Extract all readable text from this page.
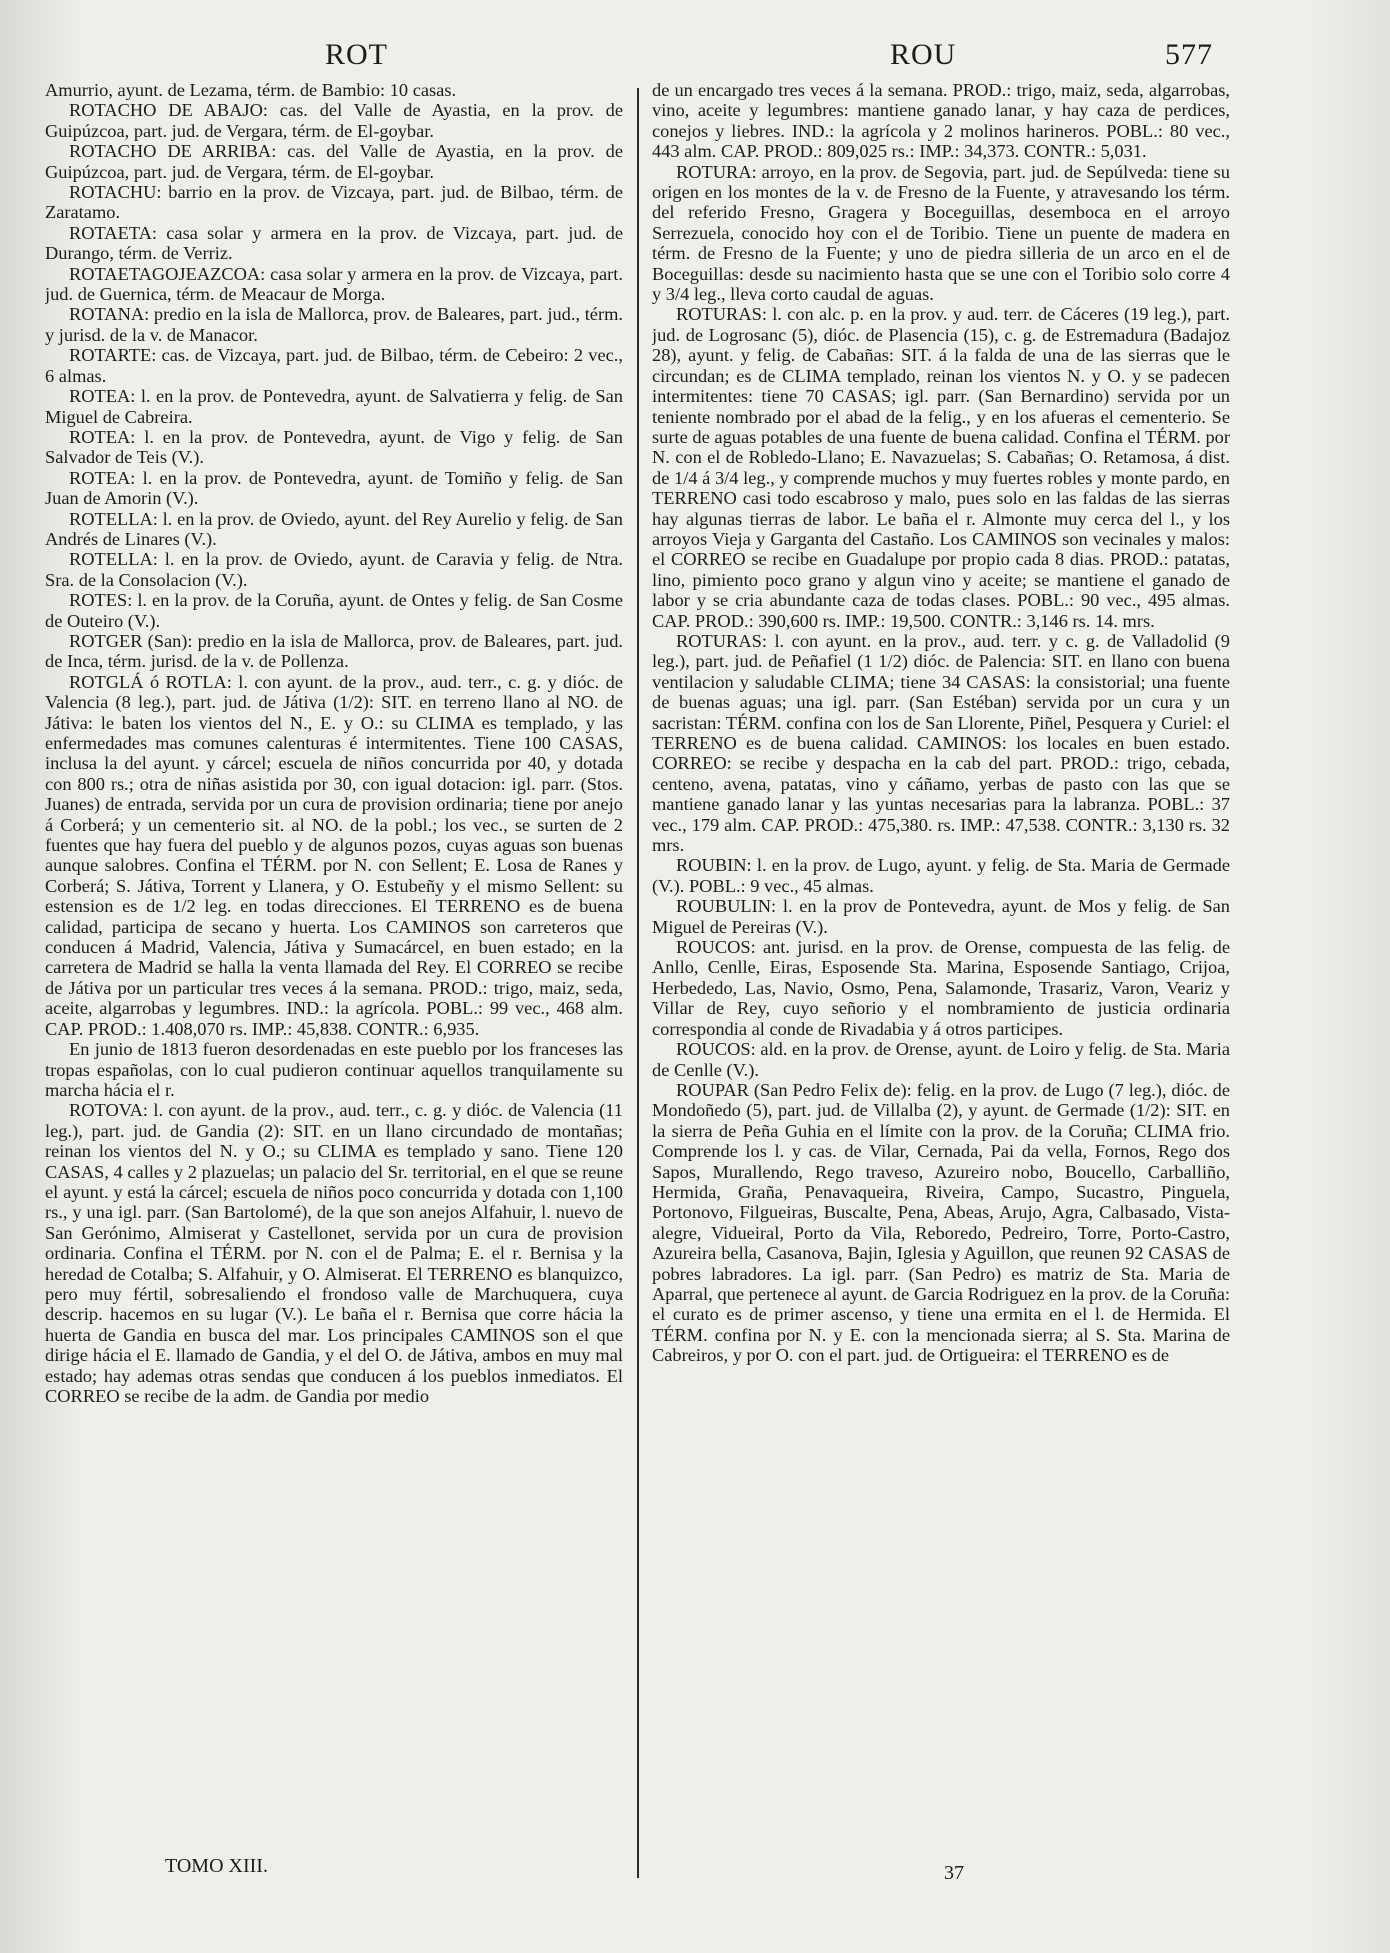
ROT	ROU	577

Amurrio, ayunt. de Lezama, térm. de Bambio: 10 casas.

ROTACHO DE ABAJO: cas. del Valle de Ayastia, en la prov. de Guipúzcoa, part. jud. de Vergara, térm. de El-goybar.

ROTACHO DE ARRIBA: cas. del Valle de Ayastia, en la prov. de Guipúzcoa, part. jud. de Vergara, térm. de El-goybar.

ROTACHU: barrio en la prov. de Vizcaya, part. jud. de Bilbao, térm. de Zaratamo.

ROTAETA: casa solar y armera en la prov. de Vizcaya, part. jud. de Durango, térm. de Verriz.

ROTAETAGOJEAZCOA: casa solar y armera en la prov. de Vizcaya, part. jud. de Guernica, térm. de Meacaur de Morga.

ROTANA: predio en la isla de Mallorca, prov. de Baleares, part. jud., térm. y jurisd. de la v. de Manacor.

ROTARTE: cas. de Vizcaya, part. jud. de Bilbao, térm. de Cebeiro: 2 vec., 6 almas.

ROTEA: l. en la prov. de Pontevedra, ayunt. de Salvatierra y felig. de San Miguel de Cabreira.

ROTEA: l. en la prov. de Pontevedra, ayunt. de Vigo y felig. de San Salvador de Teis (V.).

ROTEA: l. en la prov. de Pontevedra, ayunt. de Tomiño y felig. de San Juan de Amorin (V.).

ROTELLA: l. en la prov. de Oviedo, ayunt. del Rey Aurelio y felig. de San Andrés de Linares (V.).

ROTELLA: l. en la prov. de Oviedo, ayunt. de Caravia y felig. de Ntra. Sra. de la Consolacion (V.).

ROTES: l. en la prov. de la Coruña, ayunt. de Ontes y felig. de San Cosme de Outeiro (V.).

ROTGER (San): predio en la isla de Mallorca, prov. de Baleares, part. jud. de Inca, térm. jurisd. de la v. de Pollenza.

ROTGLÁ ó ROTLA: l. con ayunt. de la prov., aud. terr., c. g. y dióc. de Valencia (8 leg.), part. jud. de Játiva (1/2): SIT. en terreno llano al NO. de Játiva: le baten los vientos del N., E. y O.: su CLIMA es templado, y las enfermedades mas comunes calenturas é intermitentes. Tiene 100 CASAS, inclusa la del ayunt. y cárcel; escuela de niños concurrida por 40, y dotada con 800 rs.; otra de niñas asistida por 30, con igual dotacion: igl. parr. (Stos. Juanes) de entrada, servida por un cura de provision ordinaria; tiene por anejo á Corberá; y un cementerio sit. al NO. de la pobl.; los vec., se surten de 2 fuentes que hay fuera del pueblo y de algunos pozos, cuyas aguas son buenas aunque salobres. Confina el TÉRM. por N. con Sellent; E. Losa de Ranes y Corberá; S. Játiva, Torrent y Llanera, y O. Estubeñy y el mismo Sellent: su estension es de 1/2 leg. en todas direcciones. El TERRENO es de buena calidad, participa de secano y huerta. Los CAMINOS son carreteros que conducen á Madrid, Valencia, Játiva y Sumacárcel, en buen estado; en la carretera de Madrid se halla la venta llamada del Rey. El CORREO se recibe de Játiva por un particular tres veces á la semana. PROD.: trigo, maiz, seda, aceite, algarrobas y legumbres. IND.: la agrícola. POBL.: 99 vec., 468 alm. CAP. PROD.: 1.408,070 rs. IMP.: 45,838. CONTR.: 6,935.

En junio de 1813 fueron desordenadas en este pueblo por los franceses las tropas españolas, con lo cual pudieron continuar aquellos tranquilamente su marcha hácia el r.

ROTOVA: l. con ayunt. de la prov., aud. terr., c. g. y dióc. de Valencia (11 leg.), part. jud. de Gandia (2): SIT. en un llano circundado de montañas; reinan los vientos del N. y O.; su CLIMA es templado y sano. Tiene 120 CASAS, 4 calles y 2 plazuelas; un palacio del Sr. territorial, en el que se reune el ayunt. y está la cárcel; escuela de niños poco concurrida y dotada con 1,100 rs., y una igl. parr. (San Bartolomé), de la que son anejos Alfahuir, l. nuevo de San Gerónimo, Almiserat y Castellonet, servida por un cura de provision ordinaria. Confina el TÉRM. por N. con el de Palma; E. el r. Bernisa y la heredad de Cotalba; S. Alfahuir, y O. Almiserat. El TERRENO es blanquizco, pero muy fértil, sobresaliendo el frondoso valle de Marchuquera, cuya descrip. hacemos en su lugar (V.). Le baña el r. Bernisa que corre hácia la huerta de Gandia en busca del mar. Los principales CAMINOS son el que dirige hácia el E. llamado de Gandia, y el del O. de Játiva, ambos en muy mal estado; hay ademas otras sendas que conducen á los pueblos inmediatos. El CORREO se recibe de la adm. de Gandia por medio

de un encargado tres veces á la semana. PROD.: trigo, maiz, seda, algarrobas, vino, aceite y legumbres: mantiene ganado lanar, y hay caza de perdices, conejos y liebres. IND.: la agrícola y 2 molinos harineros. POBL.: 80 vec., 443 alm. CAP. PROD.: 809,025 rs.: IMP.: 34,373. CONTR.: 5,031.

ROTURA: arroyo, en la prov. de Segovia, part. jud. de Sepúlveda: tiene su origen en los montes de la v. de Fresno de la Fuente, y atravesando los térm. del referido Fresno, Gragera y Boceguillas, desemboca en el arroyo Serrezuela, conocido hoy con el de Toribio. Tiene un puente de madera en térm. de Fresno de la Fuente; y uno de piedra silleria de un arco en el de Boceguillas: desde su nacimiento hasta que se une con el Toribio solo corre 4 y 3/4 leg., lleva corto caudal de aguas.

ROTURAS: l. con alc. p. en la prov. y aud. terr. de Cáceres (19 leg.), part. jud. de Logrosanc (5), dióc. de Plasencia (15), c. g. de Estremadura (Badajoz 28), ayunt. y felig. de Cabañas: SIT. á la falda de una de las sierras que le circundan; es de CLIMA templado, reinan los vientos N. y O. y se padecen intermitentes: tiene 70 CASAS; igl. parr. (San Bernardino) servida por un teniente nombrado por el abad de la felig., y en los afueras el cementerio. Se surte de aguas potables de una fuente de buena calidad. Confina el TÉRM. por N. con el de Robledo-Llano; E. Navazuelas; S. Cabañas; O. Retamosa, á dist. de 1/4 á 3/4 leg., y comprende muchos y muy fuertes robles y monte pardo, en TERRENO casi todo escabroso y malo, pues solo en las faldas de las sierras hay algunas tierras de labor. Le baña el r. Almonte muy cerca del l., y los arroyos Vieja y Garganta del Castaño. Los CAMINOS son vecinales y malos: el CORREO se recibe en Guadalupe por propio cada 8 dias. PROD.: patatas, lino, pimiento poco grano y algun vino y aceite; se mantiene el ganado de labor y se cria abundante caza de todas clases. POBL.: 90 vec., 495 almas. CAP. PROD.: 390,600 rs. IMP.: 19,500. CONTR.: 3,146 rs. 14. mrs.

ROTURAS: l. con ayunt. en la prov., aud. terr. y c. g. de Valladolid (9 leg.), part. jud. de Peñafiel (1 1/2) dióc. de Palencia: SIT. en llano con buena ventilacion y saludable CLIMA; tiene 34 CASAS: la consistorial; una fuente de buenas aguas; una igl. parr. (San Estéban) servida por un cura y un sacristan: TÉRM. confina con los de San Llorente, Piñel, Pesquera y Curiel: el TERRENO es de buena calidad. CAMINOS: los locales en buen estado. CORREO: se recibe y despacha en la cab del part. PROD.: trigo, cebada, centeno, avena, patatas, vino y cáñamo, yerbas de pasto con las que se mantiene ganado lanar y las yuntas necesarias para la labranza. POBL.: 37 vec., 179 alm. CAP. PROD.: 475,380. rs. IMP.: 47,538. CONTR.: 3,130 rs. 32 mrs.

ROUBIN: l. en la prov. de Lugo, ayunt. y felig. de Sta. Maria de Germade (V.). POBL.: 9 vec., 45 almas.

ROUBULIN: l. en la prov de Pontevedra, ayunt. de Mos y felig. de San Miguel de Pereiras (V.).

ROUCOS: ant. jurisd. en la prov. de Orense, compuesta de las felig. de Anllo, Cenlle, Eiras, Esposende Sta. Marina, Esposende Santiago, Crijoa, Herbededo, Las, Navio, Osmo, Pena, Salamonde, Trasariz, Varon, Veariz y Villar de Rey, cuyo señorio y el nombramiento de justicia ordinaria correspondia al conde de Rivadabia y á otros participes.

ROUCOS: ald. en la prov. de Orense, ayunt. de Loiro y felig. de Sta. Maria de Cenlle (V.).

ROUPAR (San Pedro Felix de): felig. en la prov. de Lugo (7 leg.), dióc. de Mondoñedo (5), part. jud. de Villalba (2), y ayunt. de Germade (1/2): SIT. en la sierra de Peña Guhia en el límite con la prov. de la Coruña; CLIMA frio. Comprende los l. y cas. de Vilar, Cernada, Pai da vella, Fornos, Rego dos Sapos, Murallendo, Rego traveso, Azureiro nobo, Boucello, Carballiño, Hermida, Graña, Penavaqueira, Riveira, Campo, Sucastro, Pinguela, Portonovo, Filgueiras, Buscalte, Pena, Abeas, Arujo, Agra, Calbasado, Vista-alegre, Vidueiral, Porto da Vila, Reboredo, Pedreiro, Torre, Porto-Castro, Azureira bella, Casanova, Bajin, Iglesia y Aguillon, que reunen 92 CASAS de pobres labradores. La igl. parr. (San Pedro) es matriz de Sta. Maria de Aparral, que pertenece al ayunt. de Garcia Rodriguez en la prov. de la Coruña: el curato es de primer ascenso, y tiene una ermita en el l. de Hermida. El TÉRM. confina por N. y E. con la mencionada sierra; al S. Sta. Marina de Cabreiros, y por O. con el part. jud. de Ortigueira: el TERRENO es de

TOMO XIII.	37
